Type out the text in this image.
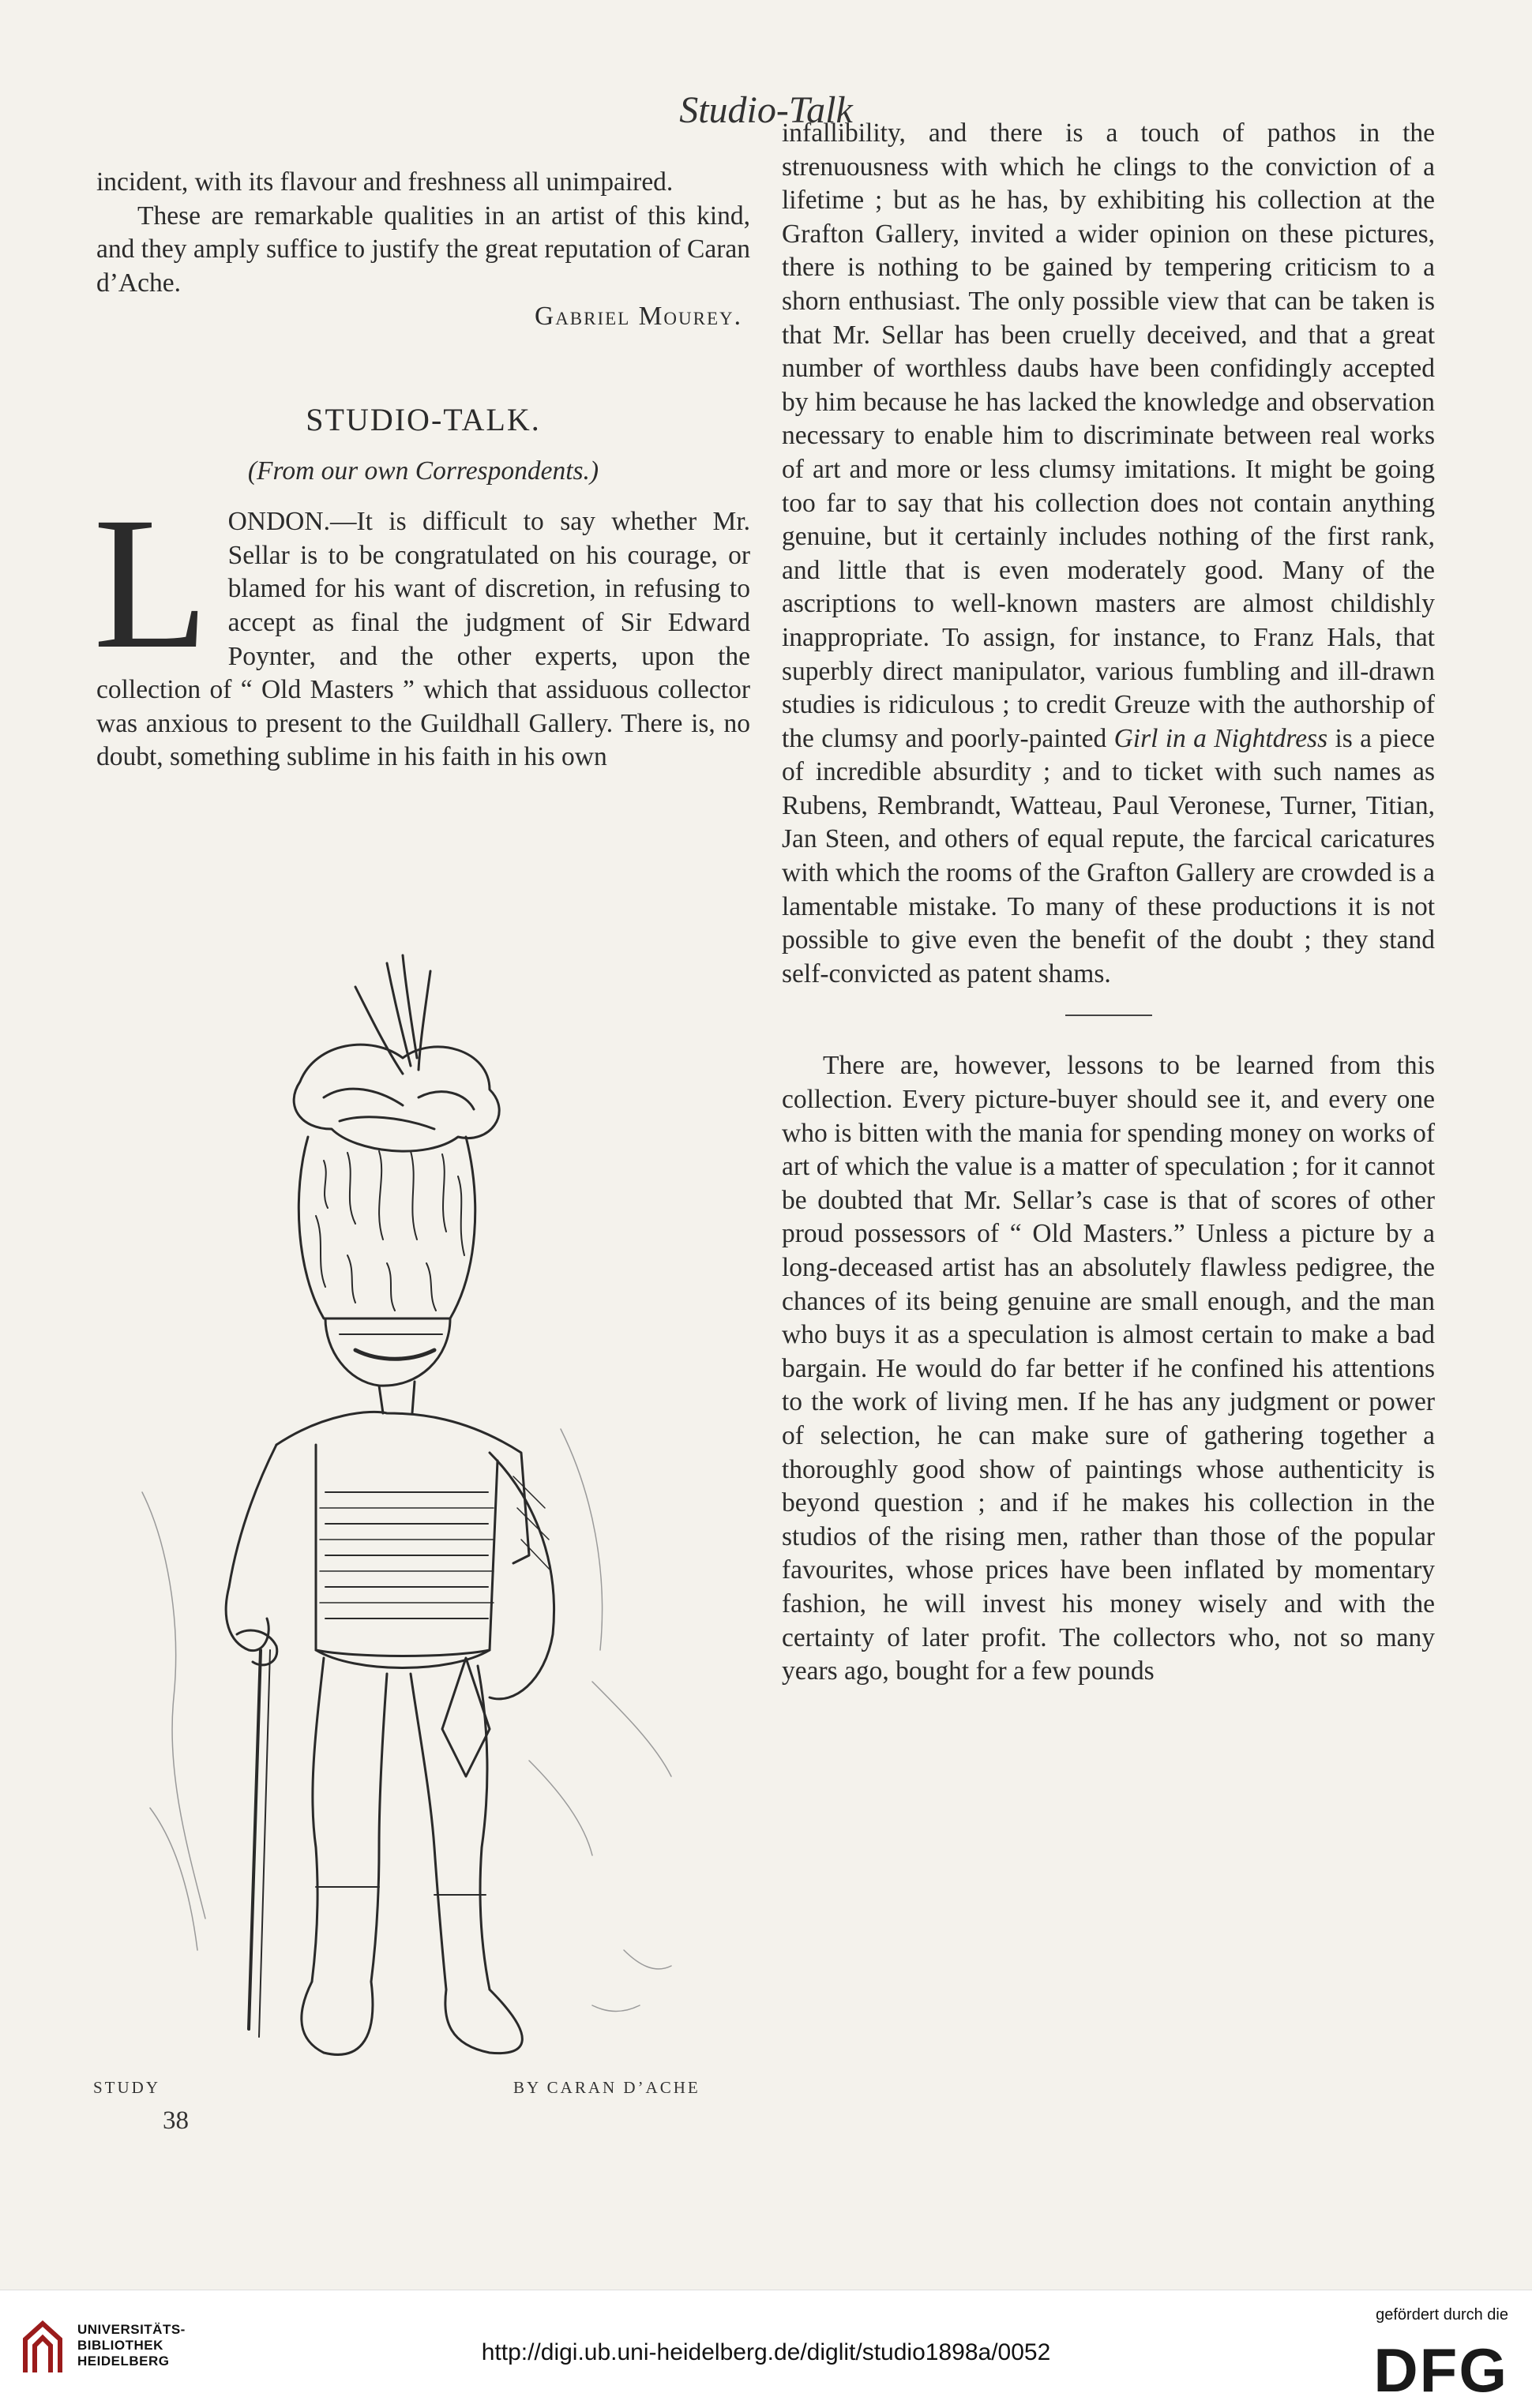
Studio-Talk

incident, with its flavour and freshness all unimpaired.

These are remarkable qualities in an artist of this kind, and they amply suffice to justify the great reputation of Caran d’Ache.

Gabriel Mourey.

STUDIO-TALK.

(From our own Correspondents.)

LONDON.—It is difficult to say whether Mr. Sellar is to be congratulated on his courage, or blamed for his want of discretion, in refusing to accept as final the judgment of Sir Edward Poynter, and the other experts, upon the collection of “ Old Masters ” which that assiduous collector was anxious to present to the Guildhall Gallery. There is, no doubt, something sublime in his faith in his own

STUDY	BY CARAN D’ACHE
38

infallibility, and there is a touch of pathos in the strenuousness with which he clings to the conviction of a lifetime ; but as he has, by exhibiting his collection at the Grafton Gallery, invited a wider opinion on these pictures, there is nothing to be gained by tempering criticism to a shorn enthusiast. The only possible view that can be taken is that Mr. Sellar has been cruelly deceived, and that a great number of worthless daubs have been confidingly accepted by him because he has lacked the knowledge and observation necessary to enable him to discriminate between real works of art and more or less clumsy imitations. It might be going too far to say that his collection does not contain anything genuine, but it certainly includes nothing of the first rank, and little that is even moderately good. Many of the ascriptions to well-known masters are almost childishly inappropriate. To assign, for instance, to Franz Hals, that superbly direct manipulator, various fumbling and ill-drawn studies is ridiculous ; to credit Greuze with the authorship of the clumsy and poorly-painted Girl in a Nightdress is a piece of incredible absurdity ; and to ticket with such names as Rubens, Rembrandt, Watteau, Paul Veronese, Turner, Titian, Jan Steen, and others of equal repute, the farcical caricatures with which the rooms of the Grafton Gallery are crowded is a lamentable mistake. To many of these productions it is not possible to give even the benefit of the doubt ; they stand self-convicted as patent shams.

There are, however, lessons to be learned from this collection. Every picture-buyer should see it, and every one who is bitten with the mania for spending money on works of art of which the value is a matter of speculation ; for it cannot be doubted that Mr. Sellar’s case is that of scores of other proud possessors of “ Old Masters.” Unless a picture by a long-deceased artist has an absolutely flawless pedigree, the chances of its being genuine are small enough, and the man who buys it as a speculation is almost certain to make a bad bargain. He would do far better if he confined his attentions to the work of living men. If he has any judgment or power of selection, he can make sure of gathering together a thoroughly good show of paintings whose authenticity is beyond question ; and if he makes his collection in the studios of the rising men, rather than those of the popular favourites, whose prices have been inflated by momentary fashion, he will invest his money wisely and with the certainty of later profit. The collectors who, not so many years ago, bought for a few pounds

UNIVERSITÄTS-
BIBLIOTHEK
HEIDELBERG	http://digi.ub.uni-heidelberg.de/diglit/studio1898a/0052
gefördert durch die
DFG
